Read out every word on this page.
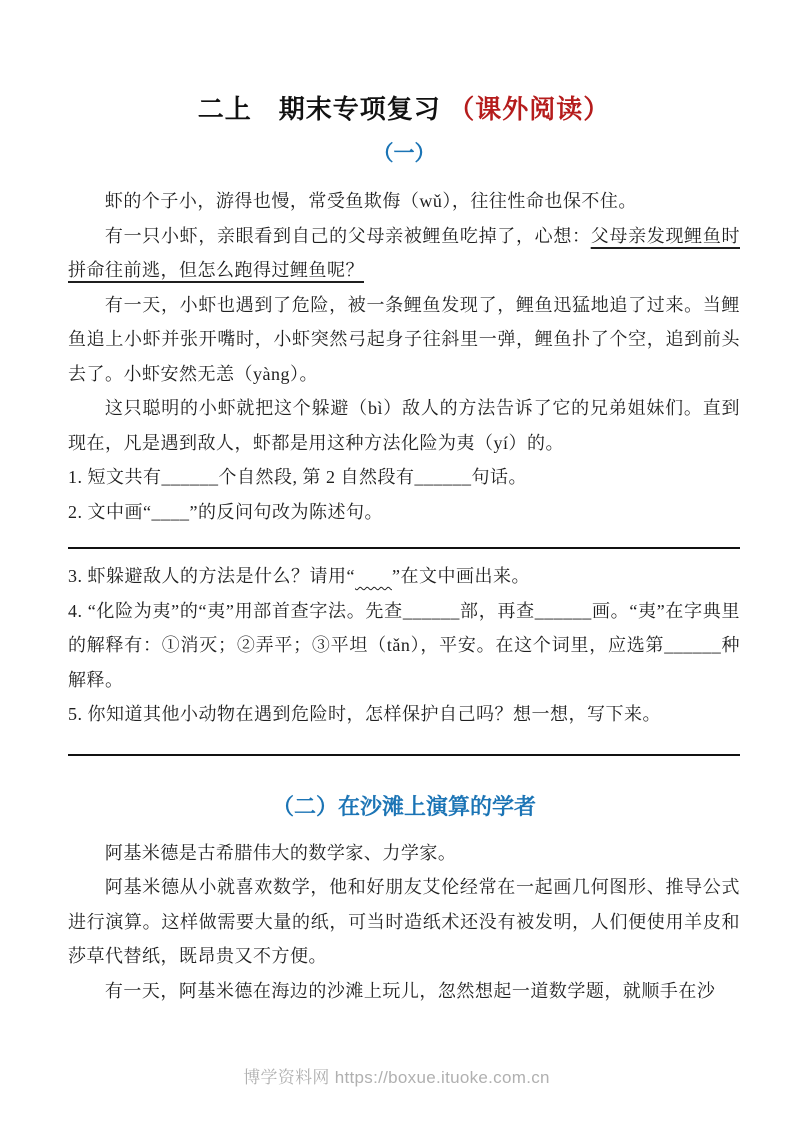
二上　期末专项复习 （课外阅读）
（一）

虾的个子小，游得也慢，常受鱼欺侮（wǔ），往往性命也保不住。

有一只小虾，亲眼看到自己的父母亲被鲤鱼吃掉了，心想：父母亲发现鲤鱼时拼命往前逃，但怎么跑得过鲤鱼呢？

有一天，小虾也遇到了危险，被一条鲤鱼发现了，鲤鱼迅猛地追了过来。当鲤鱼追上小虾并张开嘴时，小虾突然弓起身子往斜里一弹，鲤鱼扑了个空，追到前头去了。小虾安然无恙（yàng）。

这只聪明的小虾就把这个躲避（bì）敌人的方法告诉了它的兄弟姐妹们。直到现在，凡是遇到敌人，虾都是用这种方法化险为夷（yí）的。

1. 短文共有______个自然段, 第 2 自然段有______句话。

2. 文中画“____”的反问句改为陈述句。

3. 虾躲避敌人的方法是什么？请用“　　 ”在文中画出来。

4. “化险为夷”的“夷”用部首查字法。先查______部，再查______画。“夷”在字典里的解释有：①消灭；②弄平；③平坦（tǎn），平安。在这个词里，应选第______种解释。

5. 你知道其他小动物在遇到危险时，怎样保护自己吗？想一想，写下来。

（二）在沙滩上演算的学者

阿基米德是古希腊伟大的数学家、力学家。

阿基米德从小就喜欢数学，他和好朋友艾伦经常在一起画几何图形、推导公式进行演算。这样做需要大量的纸，可当时造纸术还没有被发明，人们便使用羊皮和莎草代替纸，既昂贵又不方便。

有一天，阿基米德在海边的沙滩上玩儿，忽然想起一道数学题，就顺手在沙

博学资料网 https://boxue.ituoke.com.cn
